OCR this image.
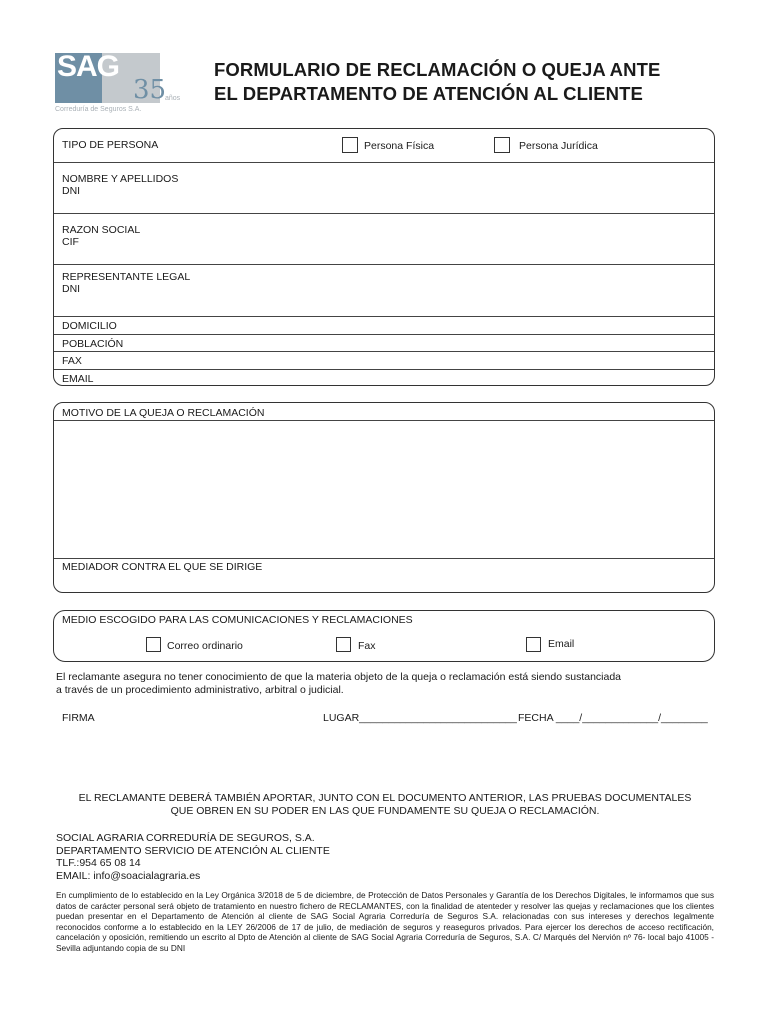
SAG
35
años
Correduría de Seguros S.A.
FORMULARIO DE RECLAMACIÓN O QUEJA ANTE
EL DEPARTAMENTO DE ATENCIÓN AL CLIENTE
TIPO DE PERSONA	Persona Física	Persona Jurídica
NOMBRE Y APELLIDOS
DNI
RAZON SOCIAL
CIF
REPRESENTANTE LEGAL
DNI
DOMICILIO
POBLACIÓN
FAX
EMAIL
MOTIVO DE LA QUEJA O RECLAMACIÓN
MEDIADOR CONTRA EL QUE SE DIRIGE
MEDIO ESCOGIDO PARA LAS COMUNICACIONES Y RECLAMACIONES
Correo ordinario	Fax	Email
El reclamante asegura no tener conocimiento de que la materia objeto de la queja o reclamación está siendo sustanciada
a través de un procedimiento administrativo, arbitral o judicial.
FIRMA	LUGAR___________________________ FECHA ____/_____________/________
EL RECLAMANTE DEBERÁ TAMBIÉN APORTAR, JUNTO CON EL DOCUMENTO ANTERIOR, LAS PRUEBAS DOCUMENTALES
QUE OBREN EN SU PODER EN LAS QUE FUNDAMENTE SU QUEJA O RECLAMACIÓN.
SOCIAL AGRARIA CORREDURÍA DE SEGUROS, S.A.
DEPARTAMENTO SERVICIO DE ATENCIÓN AL CLIENTE
TLF.:954 65 08 14
EMAIL: info@soacialagraria.es
En cumplimiento de lo establecido en la Ley Orgánica 3/2018 de 5 de diciembre, de Protección de Datos Personales y Garantía de los Derechos Digitales, le informamos que sus datos de carácter personal será objeto de tratamiento en nuestro fichero de RECLAMANTES, con la finalidad de atenteder y resolver las quejas y reclamaciones que los clientes puedan presentar en el Departamento de Atención al cliente de SAG Social Agraria Correduría de Seguros S.A. relacionadas con sus intereses y derechos legalmente reconocidos conforme a lo establecido en la LEY 26/2006 de 17 de julio, de mediación de seguros y reaseguros privados. Para ejercer los derechos de acceso rectificación, cancelación y oposición, remitiendo un escrito al Dpto de Atención al cliente de SAG Social Agraria Correduría de Seguros, S.A. C/ Marqués del Nervión nº 76- local bajo 41005 - Sevilla adjuntando copia de su DNI
